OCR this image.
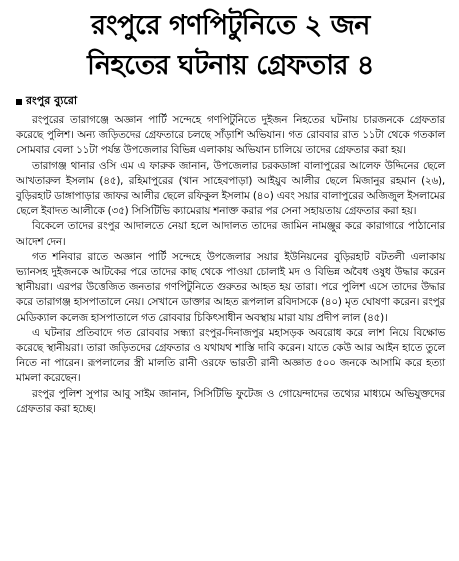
রংপুরে গণপিটুনিতে ২ জন
নিহতের ঘটনায় গ্রেফতার ৪
রংপুর ব্যুরো

রংপুরের তারাগঞ্জে অজ্ঞান পার্টি সন্দেহে গণপিটুনিতে দুইজন নিহতের ঘটনায় চারজনকে গ্রেফতার করেছে পুলিশ। অন্য জড়িতদের গ্রেফতারে চলছে সাঁড়াশি অভিযান। গত রোববার রাত ১১টা থেকে গতকাল সোমবার বেলা ১১টা পর্যন্ত উপজেলার বিভিন্ন এলাকায় অভিযান চালিয়ে তাদের গ্রেফতার করা হয়।

তারাগঞ্জ থানার ওসি এম এ ফারুক জানান, উপজেলার চরকডাঙ্গা বালাপুরের আলেফ উদ্দিনের ছেলে আখতারুল ইসলাম (৪৫), রহিমাপুরের (খান সাহেবপাড়া) আইয়ুব আলীর ছেলে মিজানুর রহমান (২৬), বুড়িরহাট ডাঙ্গাপাড়ার জাফর আলীর ছেলে রফিকুল ইসলাম (৪০) এবং সয়ার বালাপুরের অজিজুল ইসলামের ছেলে ইবাদত আলীকে (৩৫) সিসিটিভি ক্যামেরায় শনাক্ত করার পর সেনা সহায়তায় গ্রেফতার করা হয়।

বিকেলে তাদের রংপুর আদালতে নেয়া হলে আদালত তাদের জামিন নামঞ্জুর করে কারাগারে পাঠানোর আদেশ দেন।

গত শনিবার রাতে অজ্ঞান পার্টি সন্দেহে উপজেলার সয়ার ইউনিয়নের বুড়িরহাট বটতলী এলাকায় ভ্যানসহ দুইজনকে আটকের পরে তাদের কাছ থেকে পাওয়া চোলাই মদ ও বিভিন্ন অবৈধ ওষুধ উদ্ধার করেন স্থানীয়রা। এরপর উত্তেজিত জনতার গণপিটুনিতে গুরুতর আহত হয় তারা। পরে পুলিশ এসে তাদের উদ্ধার করে তারাগঞ্জ হাসপাতালে নেয়। সেখানে ডাক্তার আহত রূপলাল রবিদাসকে (৪০) মৃত ঘোষণা করেন। রংপুর মেডিক্যাল কলেজ হাসপাতালে গত রোববার চিকিৎসাধীন অবস্থায় মারা যায় প্রদীপ লাল (৪৫)।

এ ঘটনার প্রতিবাদে গত রোববার সন্ধ্যা রংপুর-দিনাজপুর মহাসড়ক অবরোধ করে লাশ নিয়ে বিক্ষোভ করেছে স্থানীয়রা। তারা জড়িতদের গ্রেফতার ও যথাযথ শাস্তি দাবি করেন। যাতে কেউ আর আইন হাতে তুলে নিতে না পারেন। রূপলালের স্ত্রী মালতি রানী ওরফে ভারতী রানী অজ্ঞাত ৫০০ জনকে আসামি করে হত্যা মামলা করেছেন।

রংপুর পুলিশ সুপার আবু সাইম জানান, সিসিটিভি ফুটেজ ও গোয়েন্দাদের তথ্যের মাধ্যমে অভিযুক্তদের গ্রেফতার করা হচ্ছে।
